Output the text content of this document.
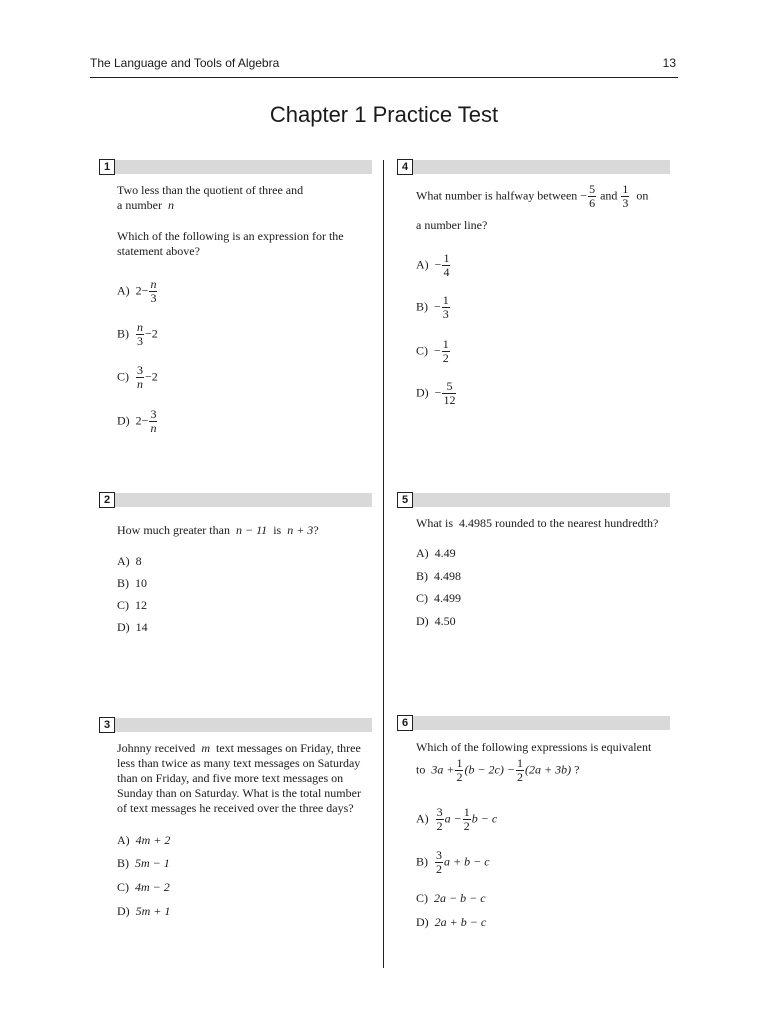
The Language and Tools of Algebra	13
Chapter 1 Practice Test
1
Two less than the quotient of three and
a number n
Which of the following is an expression for the statement above?
A) $2- \frac{n}{3}$
$B) \frac{n}{3} -2$
$C) \frac{3}{n} -2$
D) $2- \frac{3}{n}$
2
How much greater than n − 11 is n + 3?
A) 8
B) 10
C) 12
D) 14
3
Johnny received m text messages on Friday, three
less than twice as many text messages on Saturday
than on Friday, and five more text messages on
Sunday than on Saturday. What is the total number
of text messages he received over the three days?
A) 4m + 2
B) 5m − 1
C) 4m − 2
D) 5m + 1
4
What number is halfway between − $\frac{5}{6}$ and $\frac{1}{3}$ on
a number line?
$A) - \frac{1}{4}$
$B) - \frac{1}{3}$
$C) - \frac{1}{2}$
$D) - \frac{5}{12}$
5
What is 4.4985 rounded to the nearest hundredth?
A) 4.49
B) 4.498
C) 4.499
D) 4.50
6
Which of the following expressions is equivalent
to $3a + \frac{1}{2} (b - 2c) - \frac{1}{2} (2a + 3b)$ ?
$A) \frac{3}{2}$ $a - \frac{1}{2}$ b − c
$B) \frac{3}{2}$ a + b − c
C) 2a − b − c
D) 2a + b − c
